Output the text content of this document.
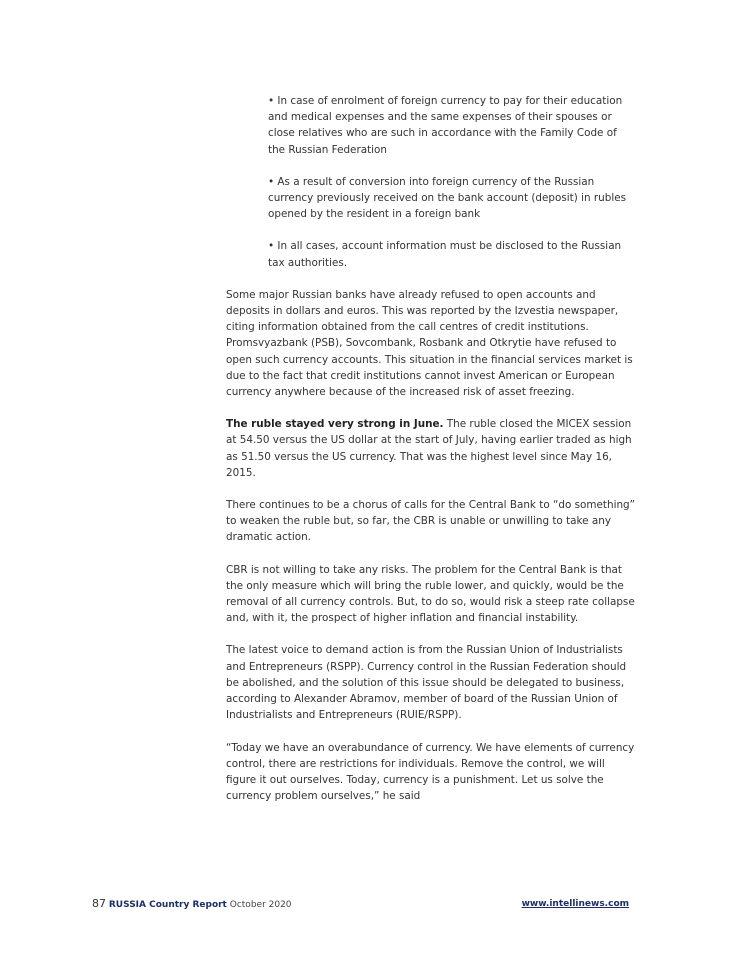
• In case of enrolment of foreign currency to pay for their education and medical expenses and the same expenses of their spouses or close relatives who are such in accordance with the Family Code of the Russian Federation

• As a result of conversion into foreign currency of the Russian currency previously received on the bank account (deposit) in rubles opened by the resident in a foreign bank

• In all cases, account information must be disclosed to the Russian tax authorities.

Some major Russian banks have already refused to open accounts and deposits in dollars and euros. This was reported by the Izvestia newspaper, citing information obtained from the call centres of credit institutions. Promsvyazbank (PSB), Sovcombank, Rosbank and Otkrytie have refused to open such currency accounts. This situation in the financial services market is due to the fact that credit institutions cannot invest American or European currency anywhere because of the increased risk of asset freezing.

The ruble stayed very strong in June. The ruble closed the MICEX session at 54.50 versus the US dollar at the start of July, having earlier traded as high as 51.50 versus the US currency. That was the highest level since May 16, 2015.

There continues to be a chorus of calls for the Central Bank to “do something” to weaken the ruble but, so far, the CBR is unable or unwilling to take any dramatic action.

CBR is not willing to take any risks. The problem for the Central Bank is that the only measure which will bring the ruble lower, and quickly, would be the removal of all currency controls. But, to do so, would risk a steep rate collapse and, with it, the prospect of higher inflation and financial instability.

The latest voice to demand action is from the Russian Union of Industrialists and Entrepreneurs (RSPP). Currency control in the Russian Federation should be abolished, and the solution of this issue should be delegated to business, according to Alexander Abramov, member of board of the Russian Union of Industrialists and Entrepreneurs (RUIE/RSPP).

“Today we have an overabundance of currency. We have elements of currency control, there are restrictions for individuals. Remove the control, we will figure it out ourselves. Today, currency is a punishment. Let us solve the currency problem ourselves,” he said

87 RUSSIA Country Report October 2020	www.intellinews.com
